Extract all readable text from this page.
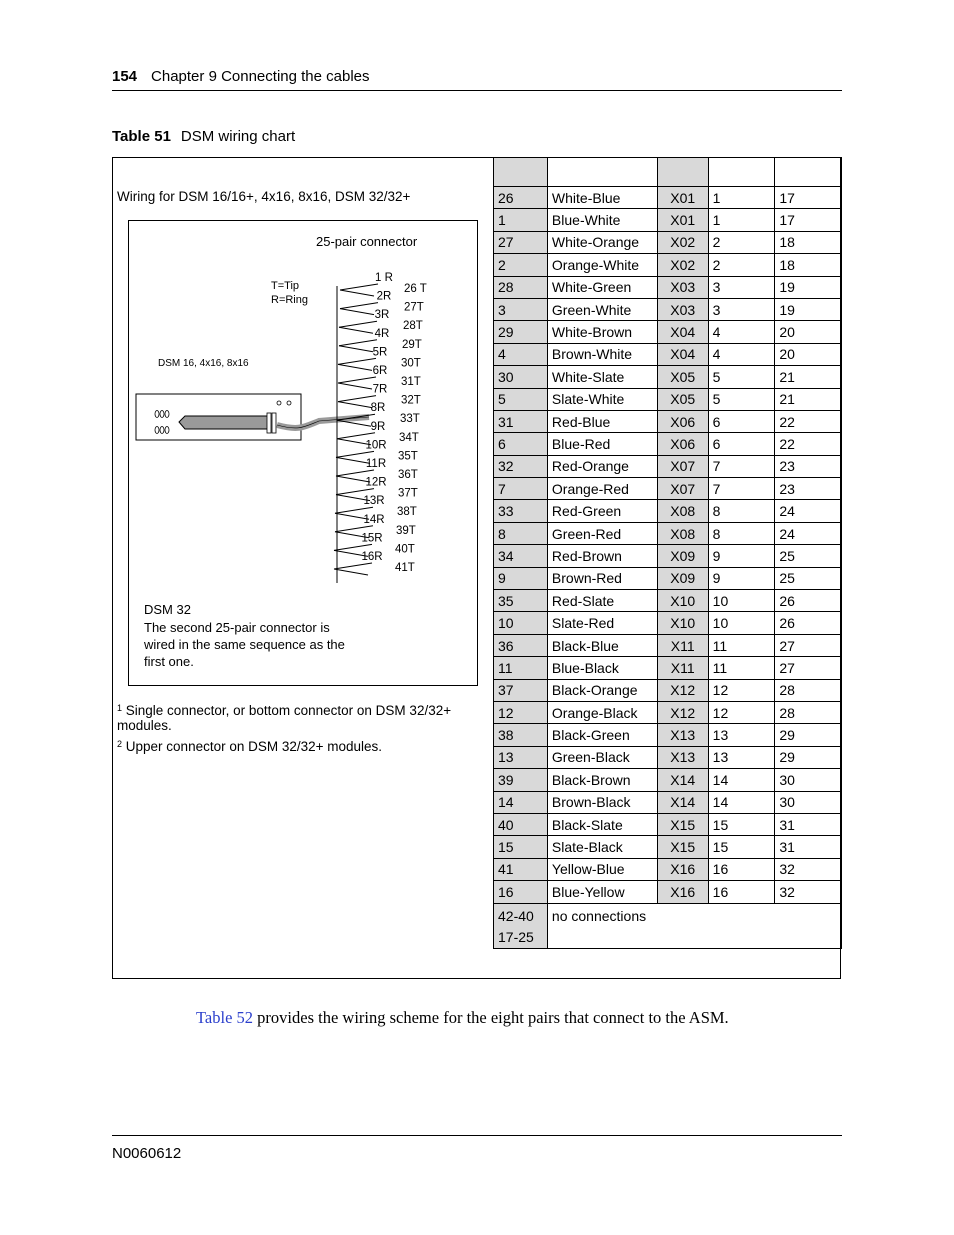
154 Chapter 9 Connecting the cables
Table 51 DSM wiring chart
Wiring for DSM 16/16+, 4x16, 8x16, DSM 32/32+
25-pair connector
T=Tip
R=Ring
DSM 16, 4x16, 8x16
1 R
26 T
2R
27T
3R
28T
4R
29T
5R
30T
6R
31T
7R
32T
8R
33T
9R
34T
10R
35T
11R
36T
12R
37T
13R
38T
14R
39T
15R
40T
16R
41T
DSM 32
The second 25-pair connector is
wired in the same sequence as the
first one.
$^1$ Single connector, or bottom connector on DSM 32/32+ modules.
$^2$ Upper connector on DSM 32/32+ modules.

26	White-Blue	X01	1	17
1	Blue-White	X01	1	17
27	White-Orange	X02	2	18
2	Orange-White	X02	2	18
28	White-Green	X03	3	19
3	Green-White	X03	3	19
29	White-Brown	X04	4	20
4	Brown-White	X04	4	20
30	White-Slate	X05	5	21
5	Slate-White	X05	5	21
31	Red-Blue	X06	6	22
6	Blue-Red	X06	6	22
32	Red-Orange	X07	7	23
7	Orange-Red	X07	7	23
33	Red-Green	X08	8	24
8	Green-Red	X08	8	24
34	Red-Brown	X09	9	25
9	Brown-Red	X09	9	25
35	Red-Slate	X10	10	26
10	Slate-Red	X10	10	26
36	Black-Blue	X11	11	27
11	Blue-Black	X11	11	27
37	Black-Orange	X12	12	28
12	Orange-Black	X12	12	28
38	Black-Green	X13	13	29
13	Green-Black	X13	13	29
39	Black-Brown	X14	14	30
14	Brown-Black	X14	14	30
40	Black-Slate	X15	15	31
15	Slate-Black	X15	15	31
41	Yellow-Blue	X16	16	32
16	Blue-Yellow	X16	16	32

42-40
17-25	no connections			
Table 52 provides the wiring scheme for the eight pairs that connect to the ASM.
N0060612
